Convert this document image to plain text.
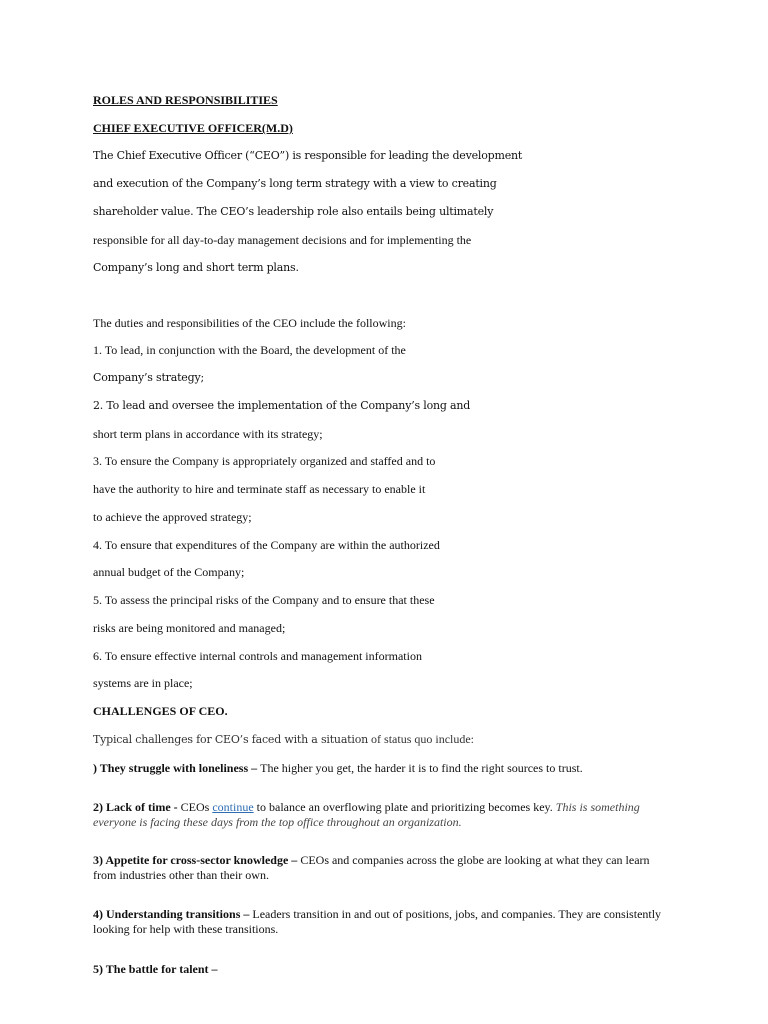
ROLES AND RESPONSIBILITIES
CHIEF EXECUTIVE OFFICER(M.D)
The Chief Executive Officer (“CEO”) is responsible for leading the development
and execution of the Company’s long term strategy with a view to creating
shareholder value. The CEO’s leadership role also entails being ultimately
responsible for all day-to-day management decisions and for implementing the
Company’s long and short term plans.
The duties and responsibilities of the CEO include the following:
1. To lead, in conjunction with the Board, the development of the
Company’s strategy;
2. To lead and oversee the implementation of the Company’s long and
short term plans in accordance with its strategy;
3. To ensure the Company is appropriately organized and staffed and to
have the authority to hire and terminate staff as necessary to enable it
to achieve the approved strategy;
4. To ensure that expenditures of the Company are within the authorized
annual budget of the Company;
5. To assess the principal risks of the Company and to ensure that these
risks are being monitored and managed;
6. To ensure effective internal controls and management information
systems are in place;
CHALLENGES OF CEO.
Typical challenges for CEO’s faced with a situation of status quo include:
) They struggle with loneliness – The higher you get, the harder it is to find the right sources to trust.
2) Lack of time - CEOs continue to balance an overflowing plate and prioritizing becomes key. This is something everyone is facing these days from the top office throughout an organization.
3) Appetite for cross-sector knowledge – CEOs and companies across the globe are looking at what they can learn from industries other than their own.
4) Understanding transitions – Leaders transition in and out of positions, jobs, and companies. They are consistently looking for help with these transitions.
5) The battle for talent –
